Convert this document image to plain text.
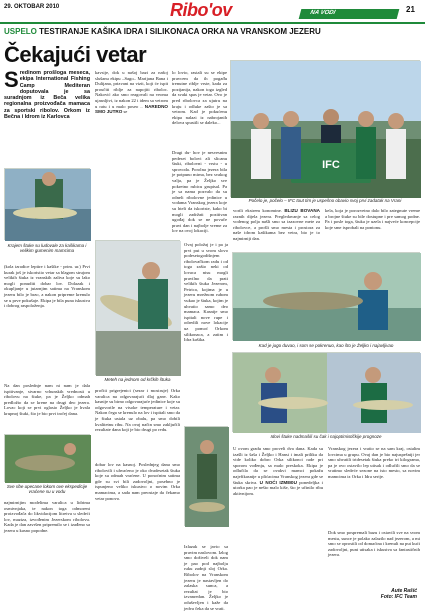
29. OKTOBAR 2010	Ribo'ov	NA VODI	21
USPELO TESTIRANJE KAŠIKA IDRA I SILIKONACA ORKA NA VRANSKOM JEZERU
Čekajući vetar
S redinom prošloga meseca, ekipa International Fishing Camp Mediteran doputovala je sa suradnjom iz Beča velika regionalna proizvođača mamaca za sportski ribolov. Orkom iz Bečna i Idrom iz Karlovca
kavsije, dok u našoj bazi za našoj slušanu ekipu ‒Sago‒ Marijana Bana i Dulijana, prizvani na vizit, koji će ispit proučiti riblje za napojiti riboloc. Naković ako smo reagovali na veoma ujasnljivi, iz nakon 22 i idem sa vetrom u ratu i u malo poseo .. NAREDNO SMO JUTRO se
lo lovio, rastali su se ekipe pravcem da ih pogađu trenutne riblje vrste, kada za pozijanija, nakon toga izgled da svaki spas je vetar. Ovo je pred ribolovca za ujutru na kraju i odluke zašto je sa vetrom. Kad je pokućenu ekipa nalazi iz nabrojanih delova spustili se daleko...
IFC
Počelo je, počelo – IFC tout tim je uspešno obavio svoj prvi zadatak na Vrani
Dragi du- hov je nesvesnim pedeset bolovi ali slicanu štuki, ribolovni - vrstu - u sprovoda. Porolna jezera bila je potpuno mirna, bez svakog valja, pa je Željko sve pokretno rubicu grupisal. Pa je sa nama pozvalo da su odneli ribolovne jedinice u vodama Vranskog jezera koje su hteli da iskoriste, kako bi mogli zadržati pozitivan ugođaj dok se ne povuče pravi dan i najbolje vreme za lov na ovoj lokaciji.
vorili ekstrem konomine. BLIZU BOVANA raznih dijela jezera. Pregledavanje sa celog vodenog polja našli smo sa izazovne mete za ribolovce, a prošli smo mesta i prostora za naše idrom kašikama bez vetra, bio je to najmirniji dan.
kela, koja je porozvetno dalo bilo zategnute vreme a brojne štuke su bile dostupne i pre samog podne. Pa i posle toga, štuka je uzela i najveće koncepcije koje sme isprobali na pontonu.
Krajem štuke su ludovale za kašikama i velikim gumenim mamcima
(kola izradice leptire i kašike - prim. ur.) Prvi kurak još je iskoristio vetar sa blagom strujom velikih štuka iz vranskih zaliva koje su lako mogli ponuditi dobar lov. Dolazak i okupljanje u jutarnjim satima na Vranskom jezeru bilo je brzo, a nakon pripreme krenulo se u prve pokušaje. Ekipa je bila puna iskustva i dobrog raspoloženja.
Na dan poslednje nam ni nam je dala ispitivanje, stvarno vrhunskih vrednosti u ribolovu na štuke, pa je Željko odmah predložio da se krene na drugi deo jezera. Lovac koji se prvi oglasio Željko je hvala krupnoj štuki, što je bio prvi trofej dana.
Meteh na jednom od krčkih štuka
Ovaj položaj je i pa ja prvi put u svom slovo podesetogodišnjem ribolovačkom radu i od toga zašto neki od lovaca nisu mogli pravilno da prati velikih štuka Jezerom, Petrica, kojima je u jezeru mrežnom rubom vukao je štuka, kojim je uhvatio samo deo mamaca. Kasnije smo ispitali nove rupe i odredili nove lokacije uz pomoć Orkom silikonaca, a zatim i Idra kašika.
Kad je jugo duvao, i som se pokrenuo, kao što je Željko i najavljivao
pročiti prigrejenici (sezar i mostruje) Orka varalica na odgovarajući dlaj ganv. Kako kasnije su birno odgovarajuće jedinice koje su odgovorile na visoke temperature i vetar. Nakon čega se krenulo na lov i ispitali smo da je štuka ustala uz obalu, pa smo dobili kvalitetnu ribu. Na ovaj način smo zaključili rezultate dana koji je bio drugi po redu.
Idovi štuke nadmašili su čak i najoptimističkije prognoze
Sve ribe upecane lokom ove ekspedicije vraćene su u vodu
najmirnijim modelima varalica u lidrima osmivnjaka, te nakon toga odmoreni proizvođača do likvidacijom litreiva u sledeći lov, maziza, izvođenim Jezerskom ribolovu. Kada je dan završen pripremilo se i izađeno sa jezera u kasno popodne.
dobar lov na kasnoj. Poslednjeg dana smo ribolovili i uhvaćeno je oko dvadesetak štuka koje su odmah vraćene. U ponoćnim satima gde su svi bili zadovoljni, posebno je ispunjeno veliko iskustvo o novim Orka mamacima, a sada nam preostaje da čekamo vetar ponovo.
Izlazak se javio sa pravim naslovom. Izlog smo doživeli dok nam je pao pod najbolju ruku zadnji sloj Orka. Ribolov na Vranskom jezeru je nastavljen do zalaska sunca, a rezultat je bio izvanredan. Željko je oduševljen i kaže da jedva čeka da se vrati.
U ovom gradu smo proveli dva dana. Kada su izašli iz šaša i Željko i Hansi i imali priliku da vide koliko dobro Orka silikonci rade pri sporom vođenju, sa malo preskoka. Ekipa je odlučila da se ovakvi mamci pokažu najefikasnije u plićacima Vranskog jezera gde se štuka skriva. U NOĆI IZMEĐU ponedeljka i utorka pao je nešto malo kiše, što je učinilo ribu aktivnijom.
Vranskog jezera i vratio se na sam kraj, ostalim lovcima u grupu. Ovaj dan je bio najuspešniji jer smo uhvatili tridesetak štuka preko tri kilograma, pa je ovo ostavilo lep utisak i odlučili smo da se vratimo sledeće sezone na isto mesto, sa novim mamcima iz Orka i Idra serije.
Dok smo pospremali bazu i ostavili sve na svom mestu, sunce je polako zalazilo nad jezerom, a mi smo se oprostili od domaćina i krenuli na put kući zadovoljni, puni utisaka i iskustva sa fantastičnih jezera.
Aute Rašić
Foto: IFC Team
